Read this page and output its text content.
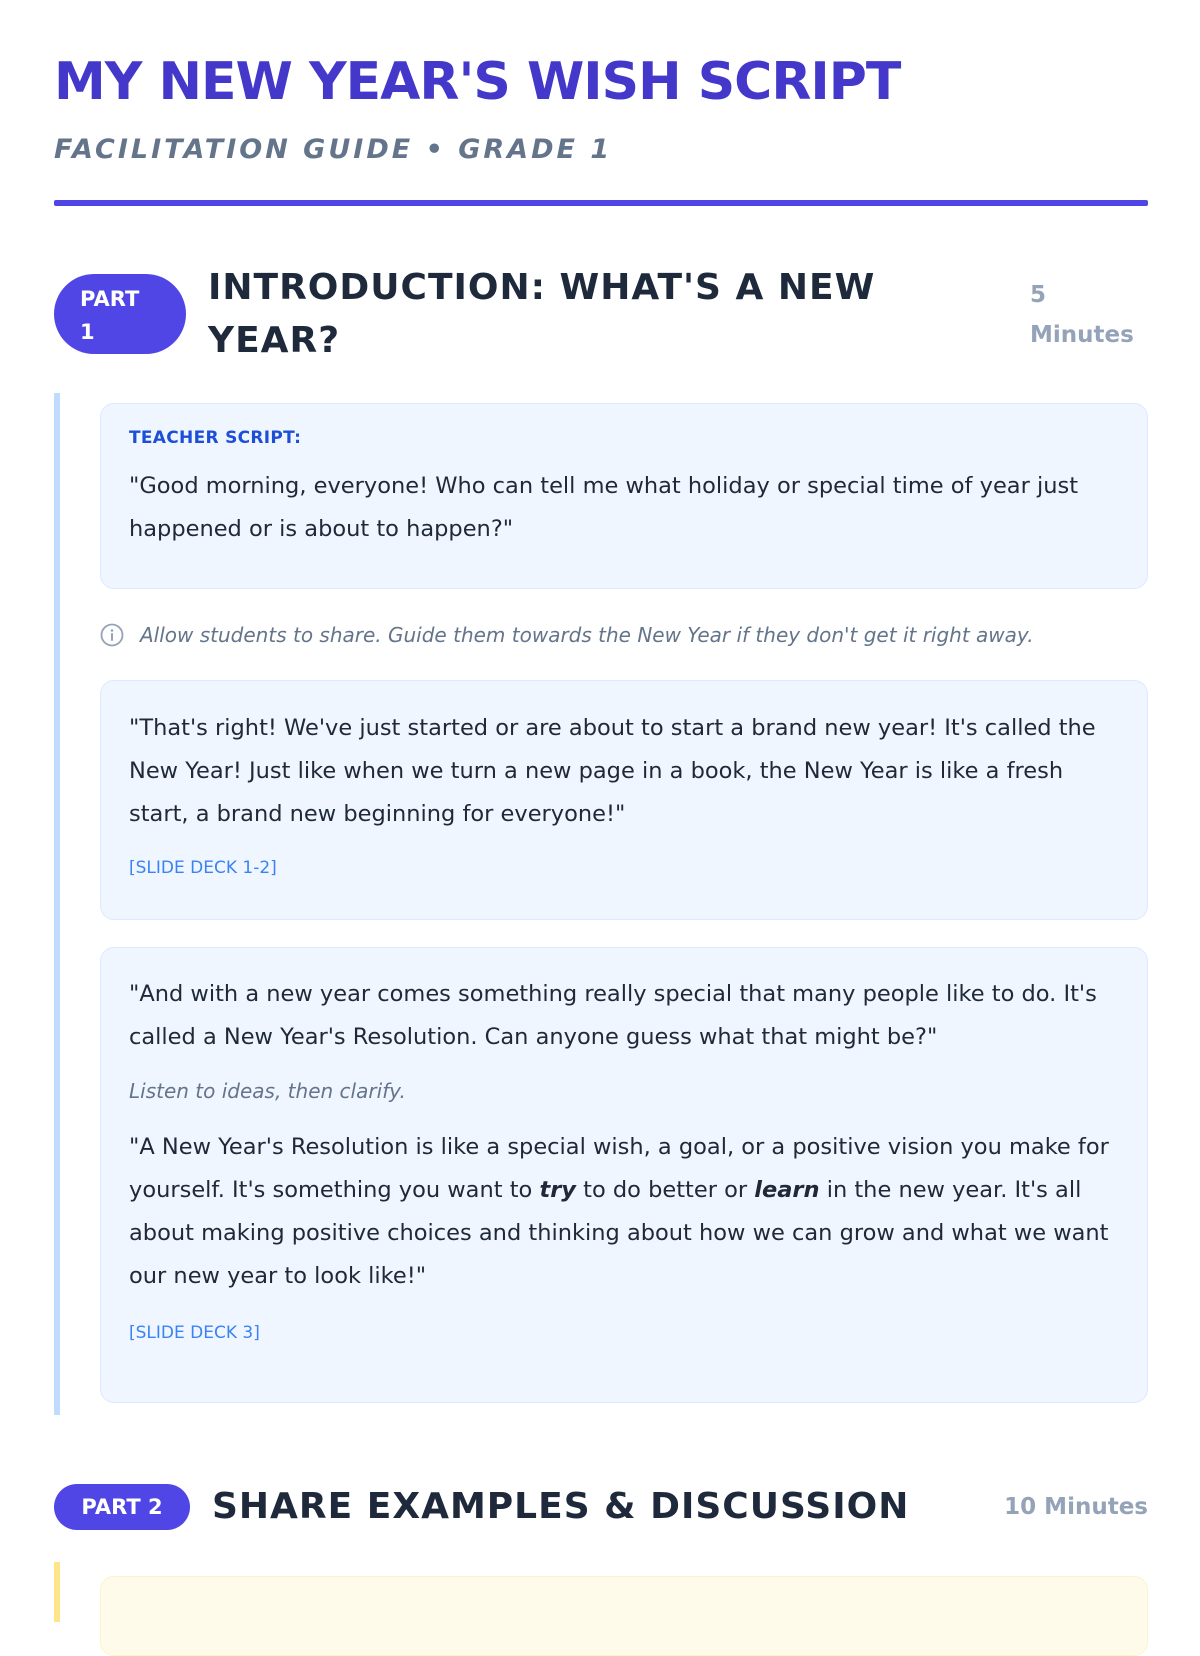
MY NEW YEAR'S WISH SCRIPT
FACILITATION GUIDE • GRADE 1
PART
1
INTRODUCTION: WHAT'S A NEW YEAR?
5
Minutes
TEACHER SCRIPT:

"Good morning, everyone! Who can tell me what holiday or special time of year just happened or is about to happen?"

Allow students to share. Guide them towards the New Year if they don't get it right away.

"That's right! We've just started or are about to start a brand new year! It's called the New Year! Just like when we turn a new page in a book, the New Year is like a fresh start, a brand new beginning for everyone!"

[SLIDE DECK 1-2]

"And with a new year comes something really special that many people like to do. It's called a New Year's Resolution. Can anyone guess what that might be?"

Listen to ideas, then clarify.

"A New Year's Resolution is like a special wish, a goal, or a positive vision you make for yourself. It's something you want to try to do better or learn in the new year. It's all about making positive choices and thinking about how we can grow and what we want our new year to look like!"

[SLIDE DECK 3]
PART 2	SHARE EXAMPLES & DISCUSSION	10 Minutes
